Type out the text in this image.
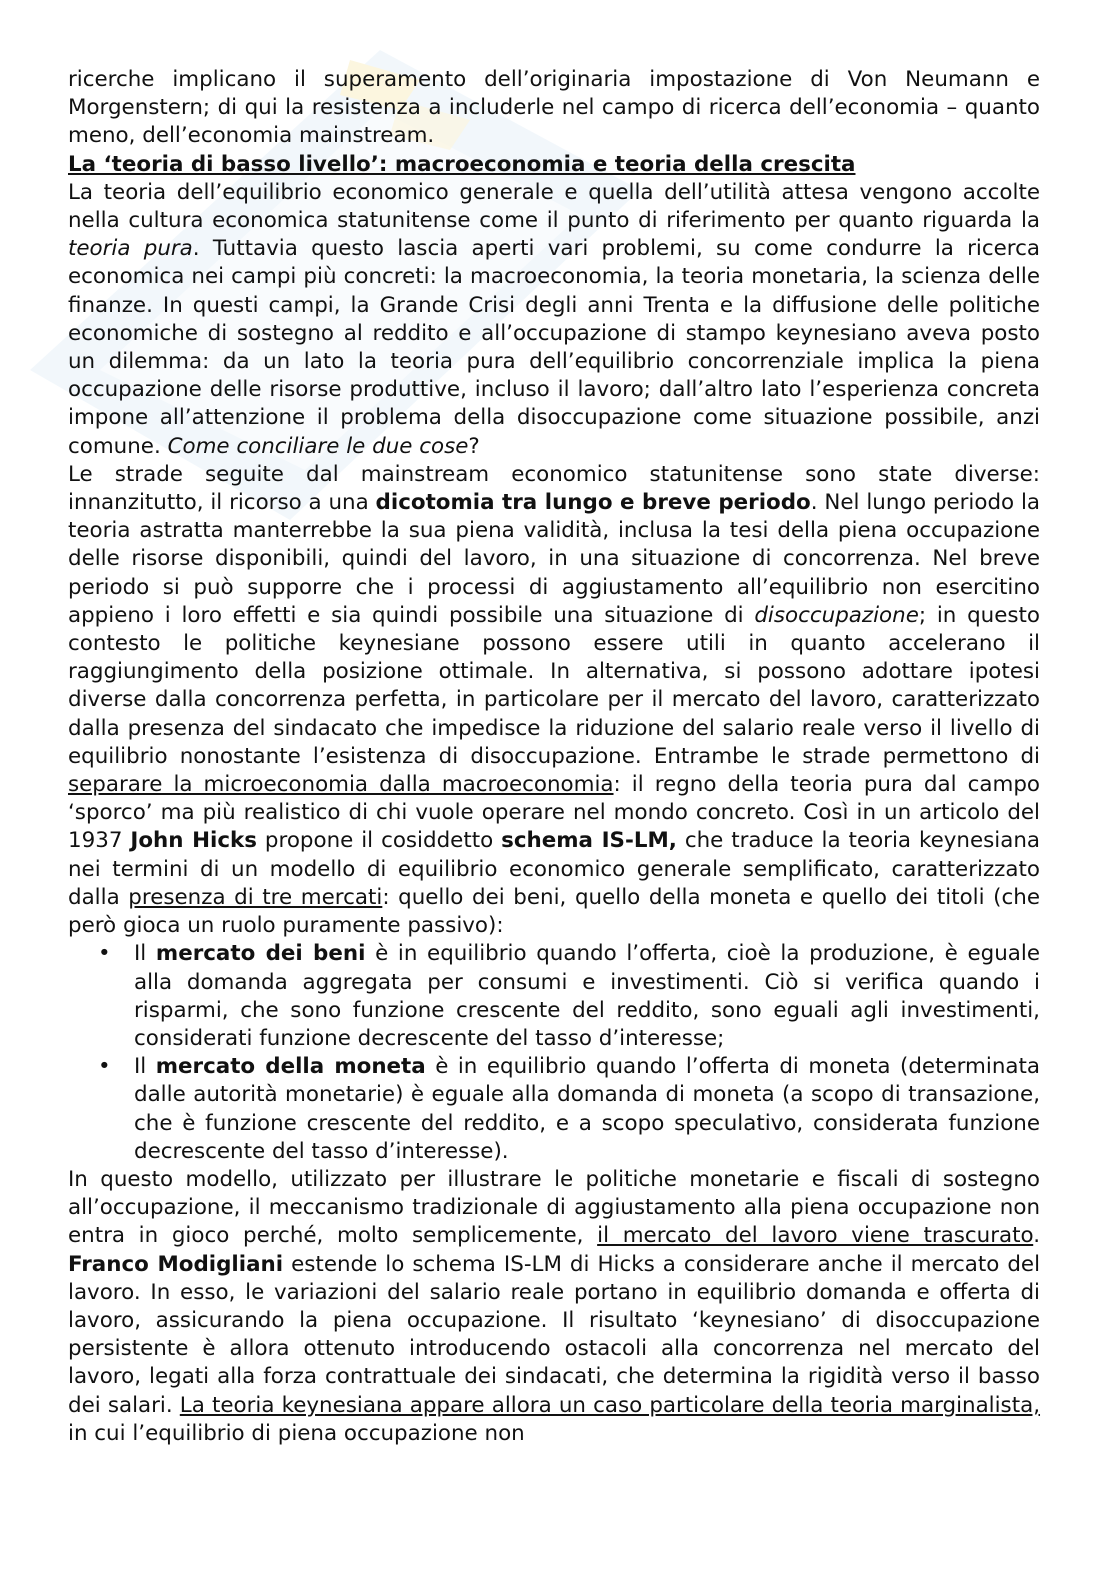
ricerche implicano il superamento dell’originaria impostazione di Von Neumann e Morgenstern; di qui la resistenza a includerle nel campo di ricerca dell’economia – quanto meno, dell’economia mainstream.

La ‘teoria di basso livello’: macroeconomia e teoria della crescita

La teoria dell’equilibrio economico generale e quella dell’utilità attesa vengono accolte nella cultura economica statunitense come il punto di riferimento per quanto riguarda la teoria pura. Tuttavia questo lascia aperti vari problemi, su come condurre la ricerca economica nei campi più concreti: la macroeconomia, la teoria monetaria, la scienza delle finanze. In questi campi, la Grande Crisi degli anni Trenta e la diffusione delle politiche economiche di sostegno al reddito e all’occupazione di stampo keynesiano aveva posto un dilemma: da un lato la teoria pura dell’equilibrio concorrenziale implica la piena occupazione delle risorse produttive, incluso il lavoro; dall’altro lato l’esperienza concreta impone all’attenzione il problema della disoccupazione come situazione possibile, anzi comune. Come conciliare le due cose?

Le strade seguite dal mainstream economico statunitense sono state diverse: innanzitutto, il ricorso a una dicotomia tra lungo e breve periodo. Nel lungo periodo la teoria astratta manterrebbe la sua piena validità, inclusa la tesi della piena occupazione delle risorse disponibili, quindi del lavoro, in una situazione di concorrenza. Nel breve periodo si può supporre che i processi di aggiustamento all’equilibrio non esercitino appieno i loro effetti e sia quindi possibile una situazione di disoccupazione; in questo contesto le politiche keynesiane possono essere utili in quanto accelerano il raggiungimento della posizione ottimale. In alternativa, si possono adottare ipotesi diverse dalla concorrenza perfetta, in particolare per il mercato del lavoro, caratterizzato dalla presenza del sindacato che impedisce la riduzione del salario reale verso il livello di equilibrio nonostante l’esistenza di disoccupazione. Entrambe le strade permettono di separare la microeconomia dalla macroeconomia: il regno della teoria pura dal campo ‘sporco’ ma più realistico di chi vuole operare nel mondo concreto. Così in un articolo del 1937 John Hicks propone il cosiddetto schema IS-LM, che traduce la teoria keynesiana nei termini di un modello di equilibrio economico generale semplificato, caratterizzato dalla presenza di tre mercati: quello dei beni, quello della moneta e quello dei titoli (che però gioca un ruolo puramente passivo):

• Il mercato dei beni è in equilibrio quando l’offerta, cioè la produzione, è eguale alla domanda aggregata per consumi e investimenti. Ciò si verifica quando i risparmi, che sono funzione crescente del reddito, sono eguali agli investimenti, considerati funzione decrescente del tasso d’interesse;
• Il mercato della moneta è in equilibrio quando l’offerta di moneta (determinata dalle autorità monetarie) è eguale alla domanda di moneta (a scopo di transazione, che è funzione crescente del reddito, e a scopo speculativo, considerata funzione decrescente del tasso d’interesse).

In questo modello, utilizzato per illustrare le politiche monetarie e fiscali di sostegno all’occupazione, il meccanismo tradizionale di aggiustamento alla piena occupazione non entra in gioco perché, molto semplicemente, il mercato del lavoro viene trascurato. Franco Modigliani estende lo schema IS-LM di Hicks a considerare anche il mercato del lavoro. In esso, le variazioni del salario reale portano in equilibrio domanda e offerta di lavoro, assicurando la piena occupazione. Il risultato ‘keynesiano’ di disoccupazione persistente è allora ottenuto introducendo ostacoli alla concorrenza nel mercato del lavoro, legati alla forza contrattuale dei sindacati, che determina la rigidità verso il basso dei salari. La teoria keynesiana appare allora un caso particolare della teoria marginalista, in cui l’equilibrio di piena occupazione non
